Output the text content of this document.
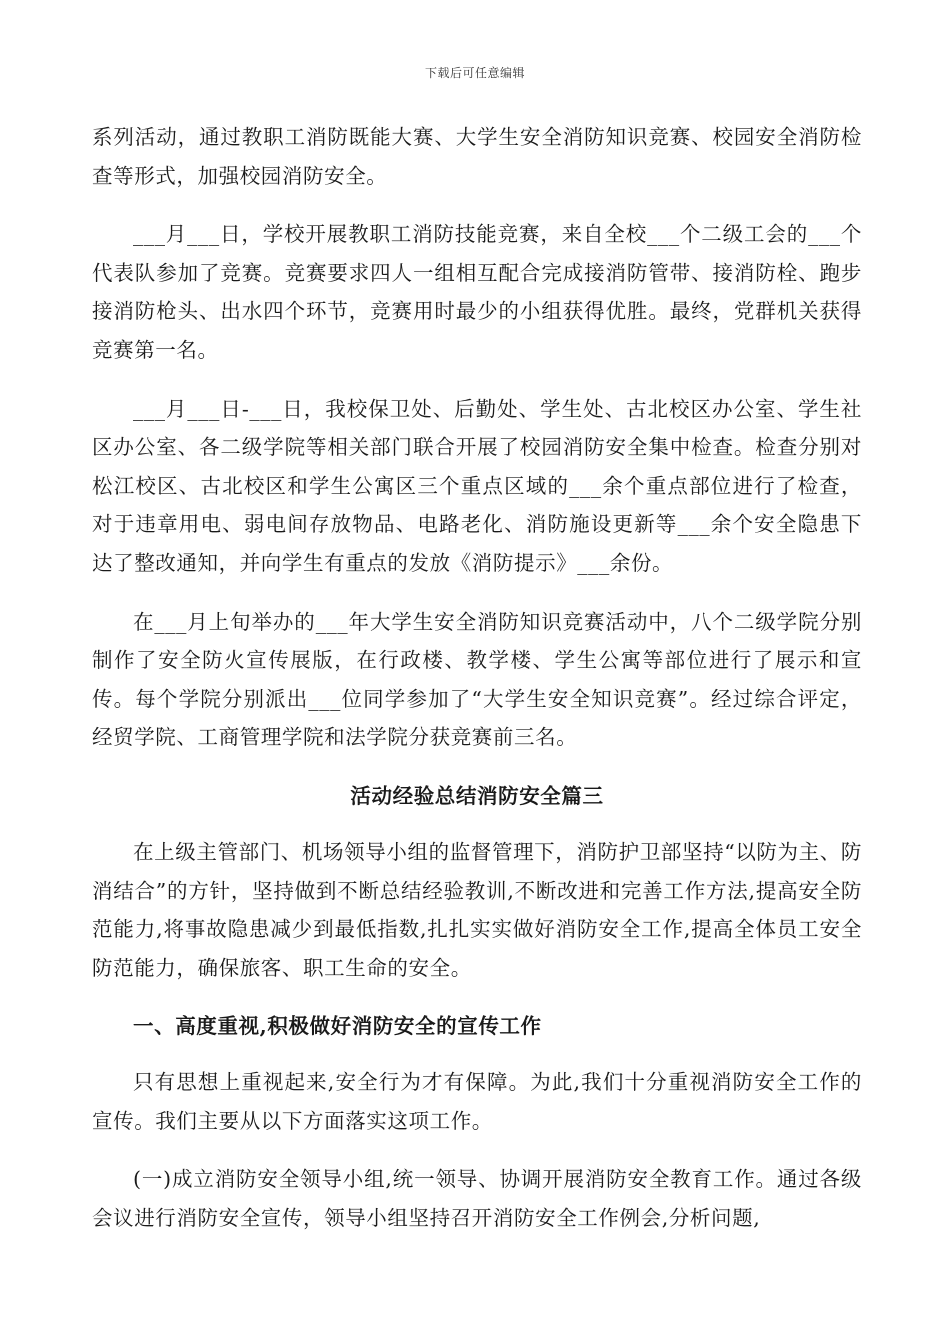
下载后可任意编辑

系列活动，通过教职工消防既能大赛、大学生安全消防知识竞赛、校园安全消防检查等形式，加强校园消防安全。

___月___日，学校开展教职工消防技能竞赛，来自全校___个二级工会的___个代表队参加了竞赛。竞赛要求四人一组相互配合完成接消防管带、接消防栓、跑步接消防枪头、出水四个环节，竞赛用时最少的小组获得优胜。最终，党群机关获得竞赛第一名。

___月___日-___日，我校保卫处、后勤处、学生处、古北校区办公室、学生社区办公室、各二级学院等相关部门联合开展了校园消防安全集中检查。检查分别对松江校区、古北校区和学生公寓区三个重点区域的___余个重点部位进行了检查，对于违章用电、弱电间存放物品、电路老化、消防施设更新等___余个安全隐患下达了整改通知，并向学生有重点的发放《消防提示》___余份。

在___月上旬举办的___年大学生安全消防知识竞赛活动中，八个二级学院分别制作了安全防火宣传展版，在行政楼、教学楼、学生公寓等部位进行了展示和宣传。每个学院分别派出___位同学参加了“大学生安全知识竞赛”。经过综合评定，经贸学院、工商管理学院和法学院分获竞赛前三名。

活动经验总结消防安全篇三

在上级主管部门、机场领导小组的监督管理下，消防护卫部坚持“以防为主、防消结合”的方针，坚持做到不断总结经验教训,不断改进和完善工作方法,提高安全防范能力,将事故隐患减少到最低指数,扎扎实实做好消防安全工作,提高全体员工安全防范能力，确保旅客、职工生命的安全。

一、高度重视,积极做好消防安全的宣传工作

只有思想上重视起来,安全行为才有保障。为此,我们十分重视消防安全工作的宣传。我们主要从以下方面落实这项工作。

(一)成立消防安全领导小组,统一领导、协调开展消防安全教育工作。通过各级会议进行消防安全宣传，领导小组坚持召开消防安全工作例会,分析问题,
